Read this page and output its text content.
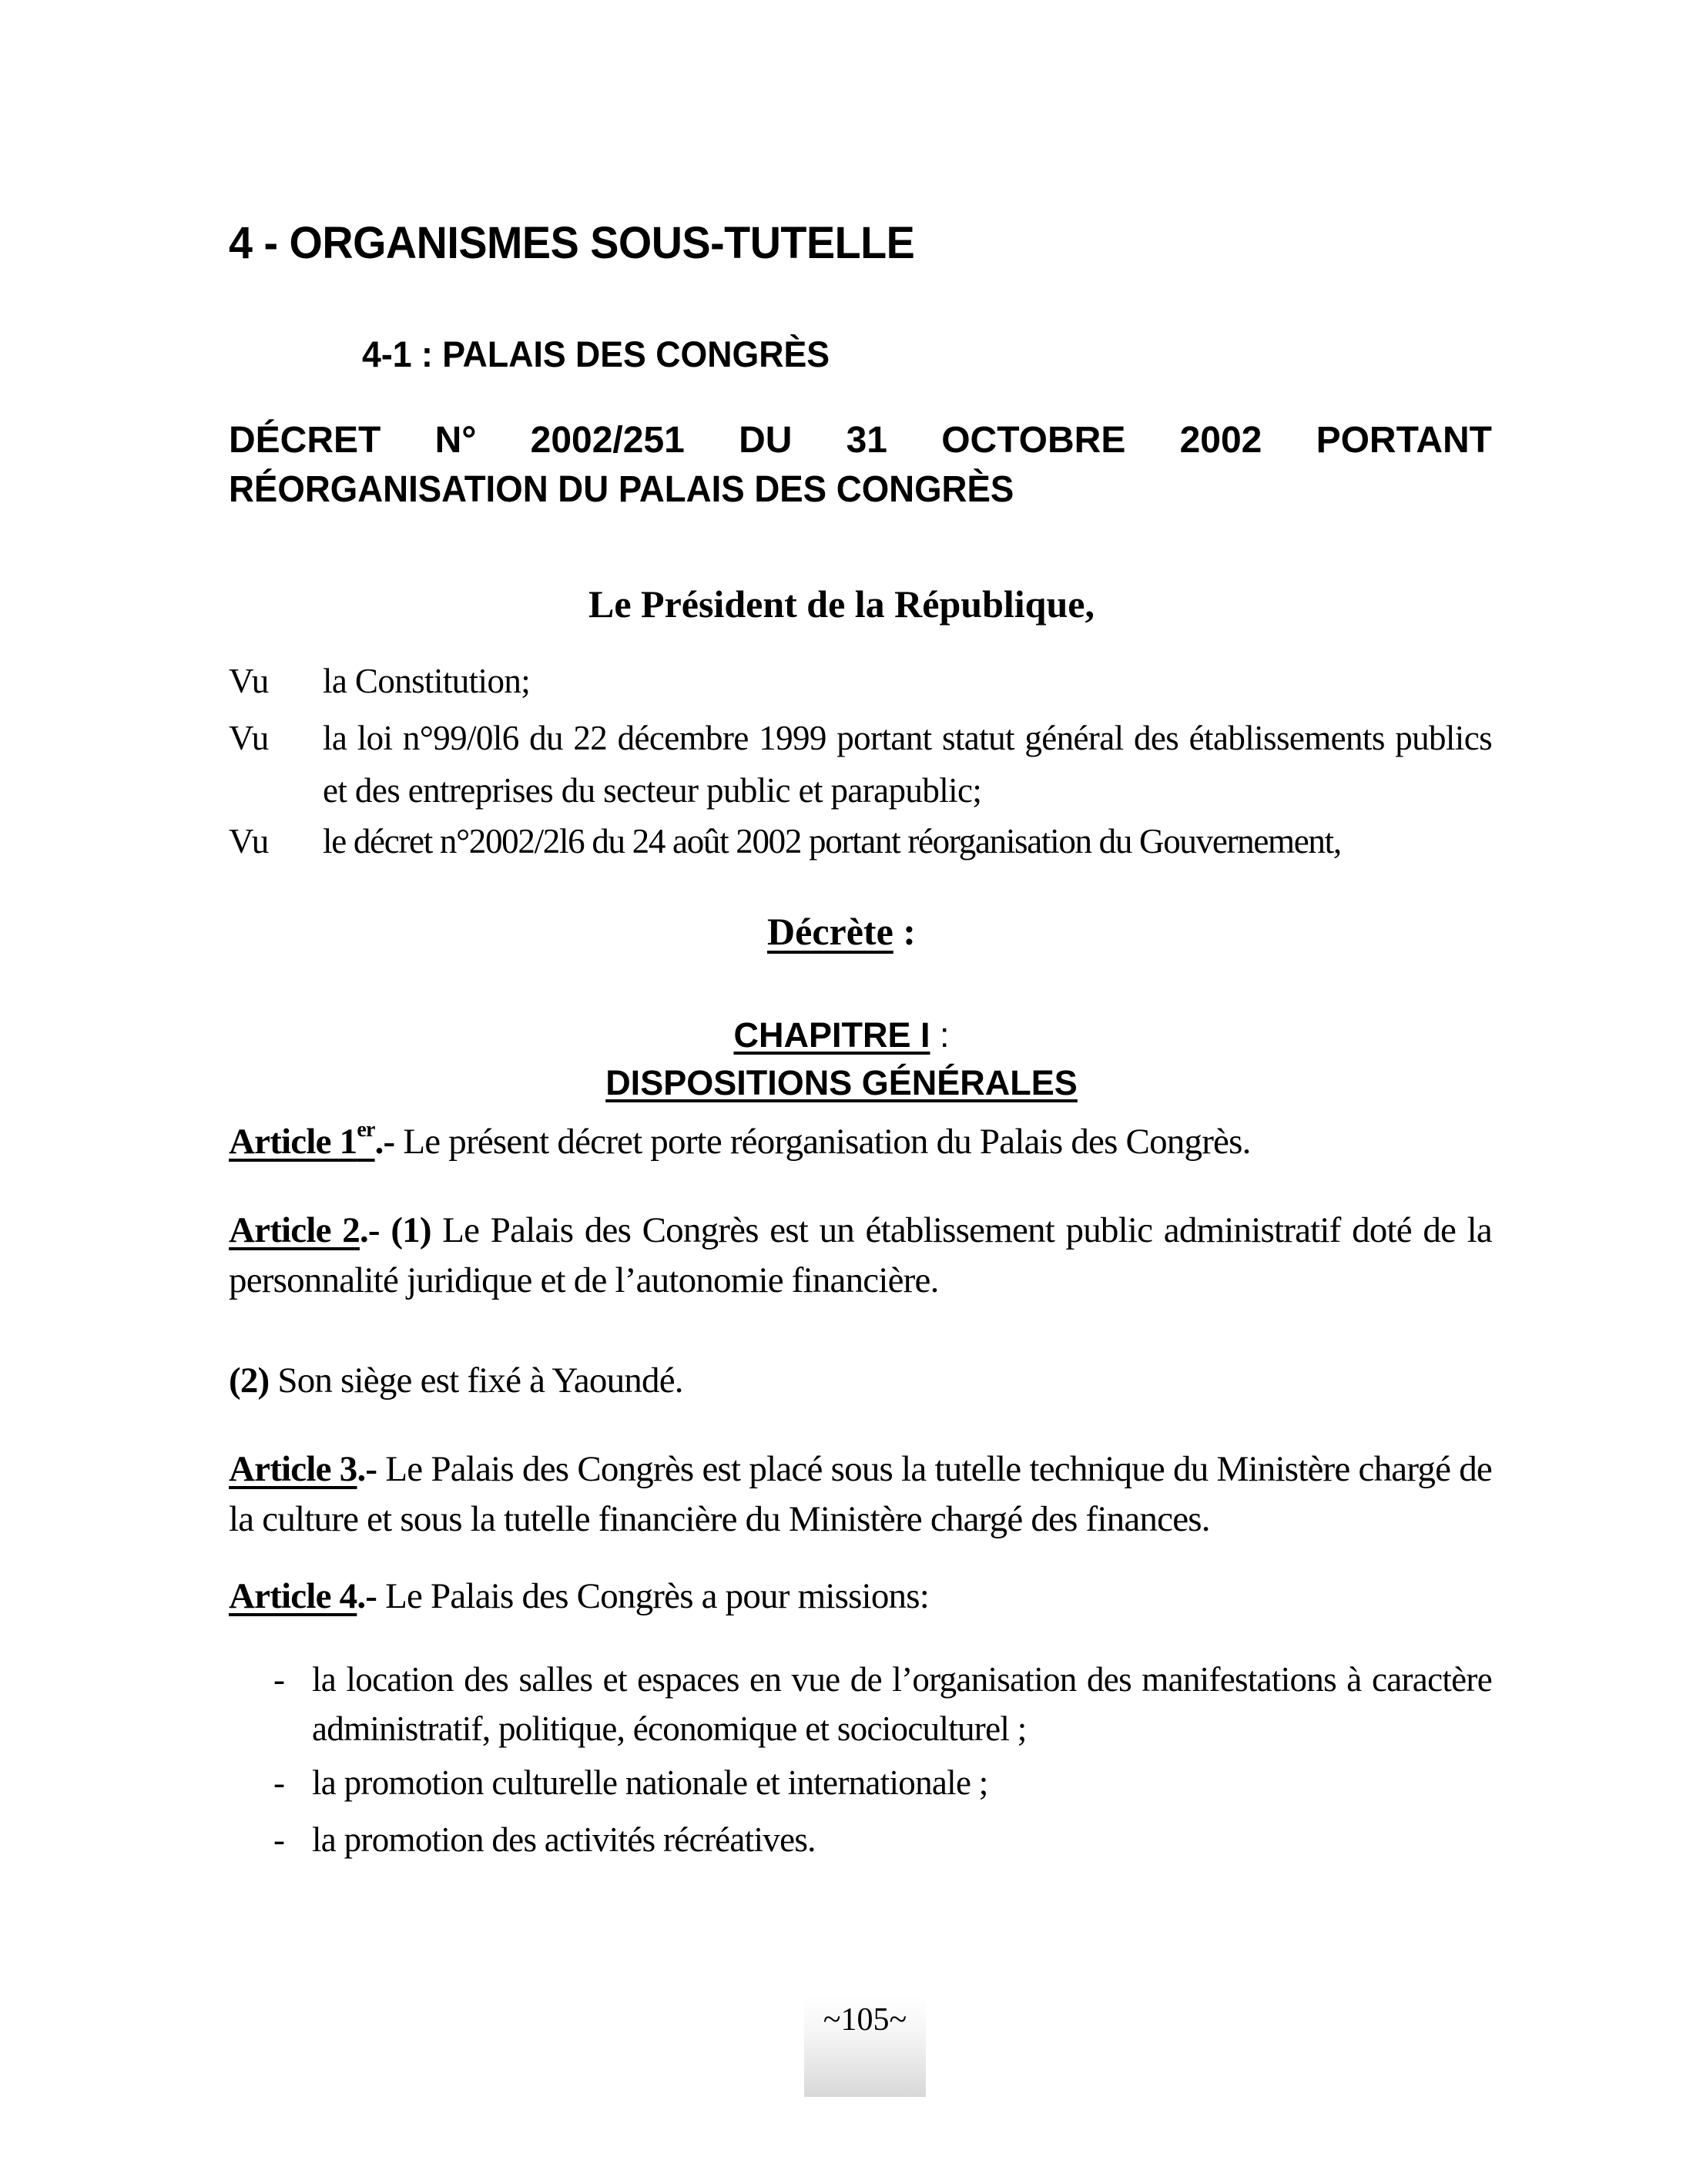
4 - ORGANISMES SOUS-TUTELLE
4-1 : PALAIS DES CONGRÈS
DÉCRET N° 2002/251 DU 31 OCTOBRE 2002 PORTANT
RÉORGANISATION DU PALAIS DES CONGRÈS
Le Président de la République,
Vu	la Constitution;
Vu	la loi n°99/0l6 du 22 décembre 1999 portant statut général des établissements publics et des entreprises du secteur public et parapublic;
Vu	le décret n°2002/2l6 du 24 août 2002 portant réorganisation du Gouvernement,
Décrète :
CHAPITRE I :
DISPOSITIONS GÉNÉRALES
Article 1er.- Le présent décret porte réorganisation du Palais des Congrès.
Article 2.- (1) Le Palais des Congrès est un établissement public administratif doté de la personnalité juridique et de l’autonomie financière.
(2) Son siège est fixé à Yaoundé.
Article 3.- Le Palais des Congrès est placé sous la tutelle technique du Ministère chargé de la culture et sous la tutelle financière du Ministère chargé des finances.
Article 4.- Le Palais des Congrès a pour missions:
- la location des salles et espaces en vue de l’organisation des manifestations à caractère administratif, politique, économique et socioculturel ;
- la promotion culturelle nationale et internationale ;
- la promotion des activités récréatives.
~105~
